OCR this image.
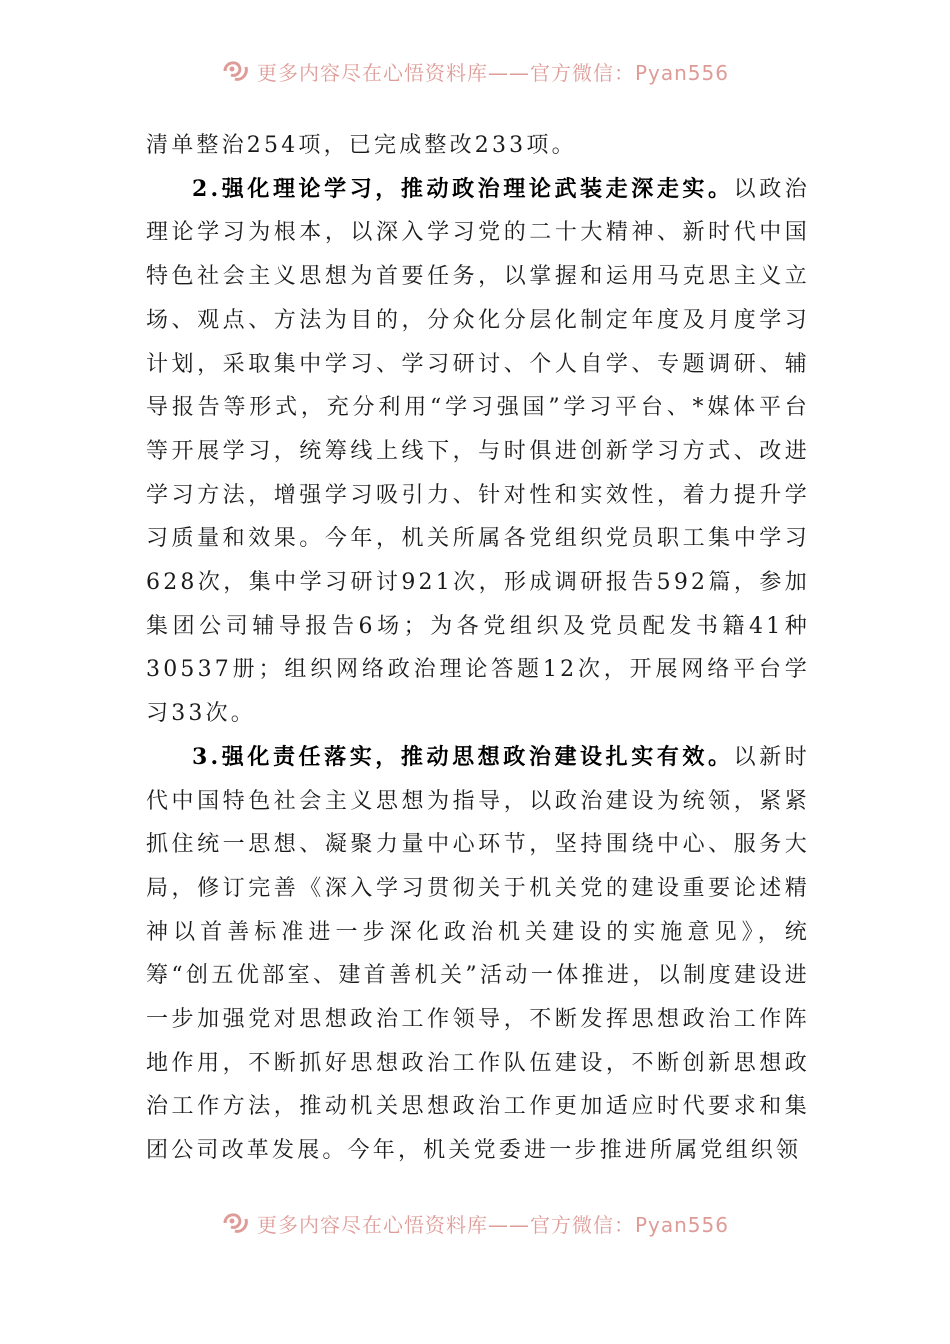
更多内容尽在心悟资料库——官方微信：Pyan556

清单整治254项，已完成整改233项。

2.强化理论学习，推动政治理论武装走深走实。以政治理论学习为根本，以深入学习党的二十大精神、新时代中国特色社会主义思想为首要任务，以掌握和运用马克思主义立场、观点、方法为目的，分众化分层化制定年度及月度学习计划，采取集中学习、学习研讨、个人自学、专题调研、辅导报告等形式，充分利用“学习强国”学习平台、*媒体平台等开展学习，统筹线上线下，与时俱进创新学习方式、改进学习方法，增强学习吸引力、针对性和实效性，着力提升学习质量和效果。今年，机关所属各党组织党员职工集中学习628次，集中学习研讨921次，形成调研报告592篇，参加集团公司辅导报告6场；为各党组织及党员配发书籍41种30537册；组织网络政治理论答题12次，开展网络平台学习33次。

3.强化责任落实，推动思想政治建设扎实有效。以新时代中国特色社会主义思想为指导，以政治建设为统领，紧紧抓住统一思想、凝聚力量中心环节，坚持围绕中心、服务大局，修订完善《深入学习贯彻关于机关党的建设重要论述精神以首善标准进一步深化政治机关建设的实施意见》，统筹“创五优部室、建首善机关”活动一体推进，以制度建设进一步加强党对思想政治工作领导，不断发挥思想政治工作阵地作用，不断抓好思想政治工作队伍建设，不断创新思想政治工作方法，推动机关思想政治工作更加适应时代要求和集团公司改革发展。今年，机关党委进一步推进所属党组织领

更多内容尽在心悟资料库——官方微信：Pyan556
